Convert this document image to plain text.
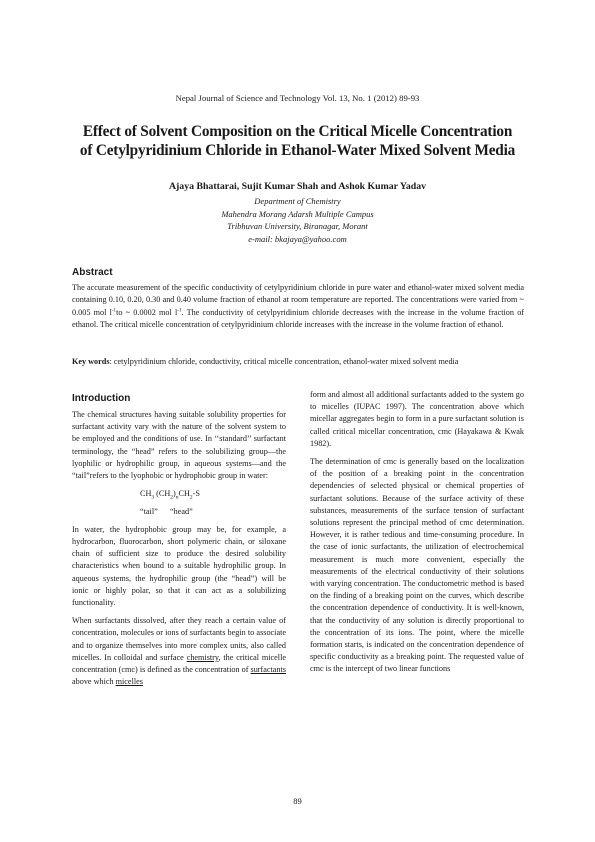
Nepal Journal of Science and Technology Vol. 13, No. 1 (2012) 89-93
Effect of Solvent Composition on the Critical Micelle Concentration
of Cetylpyridinium Chloride in Ethanol-Water Mixed Solvent Media
Ajaya Bhattarai, Sujit Kumar Shah and Ashok Kumar Yadav
Department of Chemistry
Mahendra Morang Adarsh Multiple Campus
Tribhuvan University, Biranagar, Morant
e-mail: bkajaya@yahoo.com
Abstract
The accurate measurement of the specific conductivity of cetylpyridinium chloride in pure water and ethanol-water mixed solvent media containing 0.10, 0.20, 0.30 and 0.40 volume fraction of ethanol at room temperature are reported. The concentrations were varied from ~ 0.005 mol $l^{-1}to$ ~ 0.0002 mol $l^{-1}$. The conductivity of cetylpyridinium chloride decreases with the increase in the volume fraction of ethanol. The critical micelle concentration of cetylpyridinium chloride increases with the increase in the volume fraction of ethanol.
Key words: cetylpyridinium chloride, conductivity, critical micelle concentration, ethanol-water mixed solvent media
Introduction

The chemical structures having suitable solubility properties for surfactant activity vary with the nature of the solvent system to be employed and the conditions of use. In ‘‘standard’’ surfactant terminology, the “head” refers to the solubilizing group—the lyophilic or hydrophilic group, in aqueous systems—and the “tail”refers to the lyophobic or hydrophobic group in water:

$CH_3$ $(CH_2)_nCH_2-S$
“tail”      “head”

In water, the hydrophobic group may be, for example, a hydrocarbon, fluorocarbon, short polymeric chain, or siloxane chain of sufficient size to produce the desired solubility characteristics when bound to a suitable hydrophilic group. In aqueous systems, the hydrophilic group (the “head”) will be ionic or highly polar, so that it can act as a solubilizing functionality.

When surfactants dissolved, after they reach a certain value of concentration, molecules or ions of surfactants begin to associate and to organize themselves into more complex units, also called micelles. In colloidal and surface chemistry, the critical micelle concentration (cmc) is defined as the concentration of surfactants above which micelles

form and almost all additional surfactants added to the system go to micelles (IUPAC 1997). The concentration above which micellar aggregates begin to form in a pure surfactant solution is called critical micellar concentration, cmc (Hayakawa & Kwak 1982).

The determination of cmc is generally based on the localization of the position of a breaking point in the concentration dependencies of selected physical or chemical properties of surfactant solutions. Because of the surface activity of these substances, measurements of the surface tension of surfactant solutions represent the principal method of cmc determination. However, it is rather tedious and time-consuming procedure. In the case of ionic surfactants, the utilization of electrochemical measurement is much more convenient, especially the measurements of the electrical conductivity of their solutions with varying concentration. The conductometric method is based on the finding of a breaking point on the curves, which describe the concentration dependence of conductivity. It is well-known, that the conductivity of any solution is directly proportional to the concentration of its ions. The point, where the micelle formation starts, is indicated on the concentration dependence of specific conductivity as a breaking point. The requested value of cmc is the intercept of two linear functions

89
